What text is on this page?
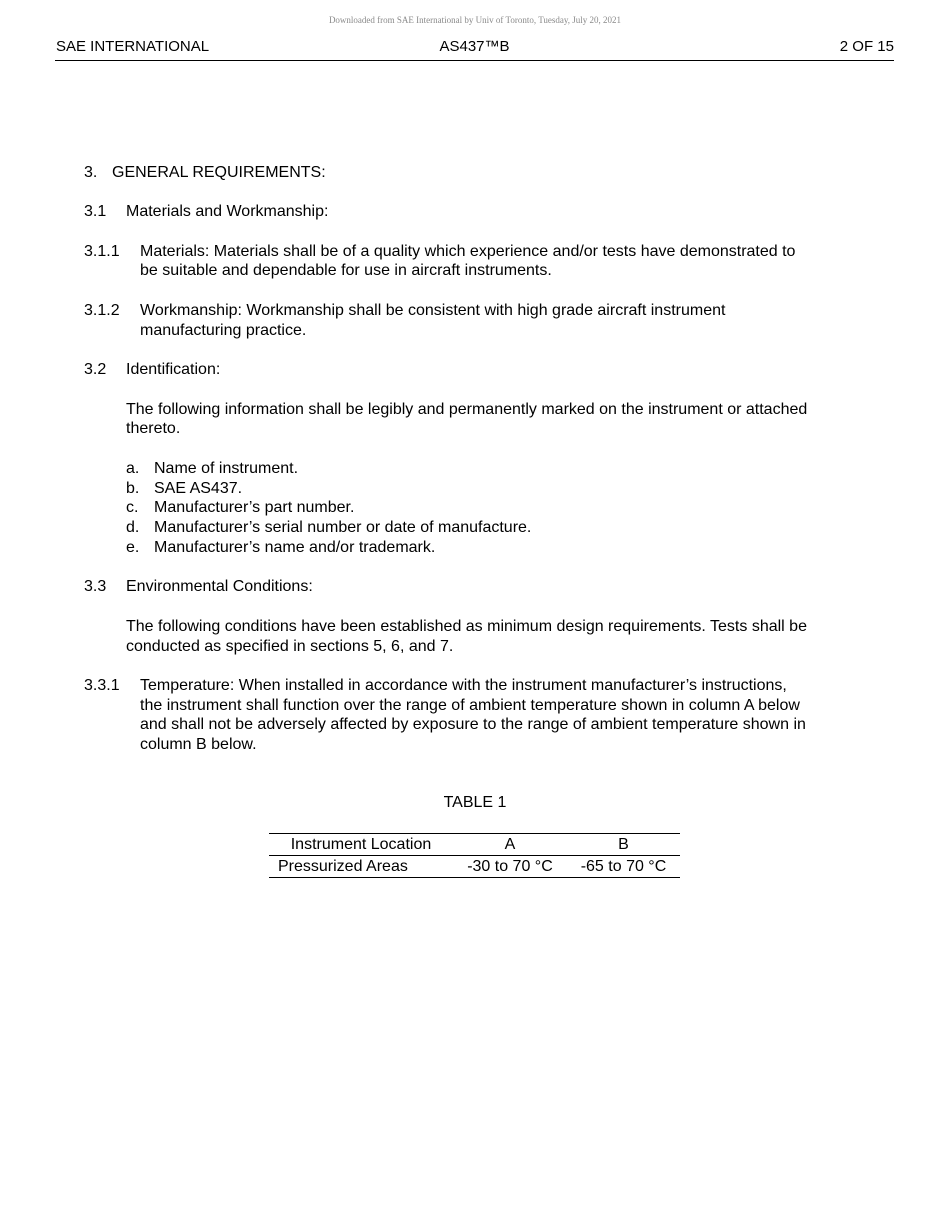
Downloaded from SAE International by Univ of Toronto, Tuesday, July 20, 2021
SAE INTERNATIONAL	AS437™B	2 OF 15
3. GENERAL REQUIREMENTS:
3.1 Materials and Workmanship:
3.1.1 Materials: Materials shall be of a quality which experience and/or tests have demonstrated to
be suitable and dependable for use in aircraft instruments.
3.1.2 Workmanship: Workmanship shall be consistent with high grade aircraft instrument
manufacturing practice.
3.2 Identification:
The following information shall be legibly and permanently marked on the instrument or attached
thereto.
a. Name of instrument.
b. SAE AS437.
c. Manufacturer’s part number.
d. Manufacturer’s serial number or date of manufacture.
e. Manufacturer’s name and/or trademark.
3.3 Environmental Conditions:
The following conditions have been established as minimum design requirements. Tests shall be
conducted as specified in sections 5, 6, and 7.
3.3.1 Temperature: When installed in accordance with the instrument manufacturer’s instructions,
the instrument shall function over the range of ambient temperature shown in column A below
and shall not be adversely affected by exposure to the range of ambient temperature shown in
column B below.
TABLE 1
Instrument Location	A	B
Pressurized Areas	-30 to 70 °C	-65 to 70 °C
